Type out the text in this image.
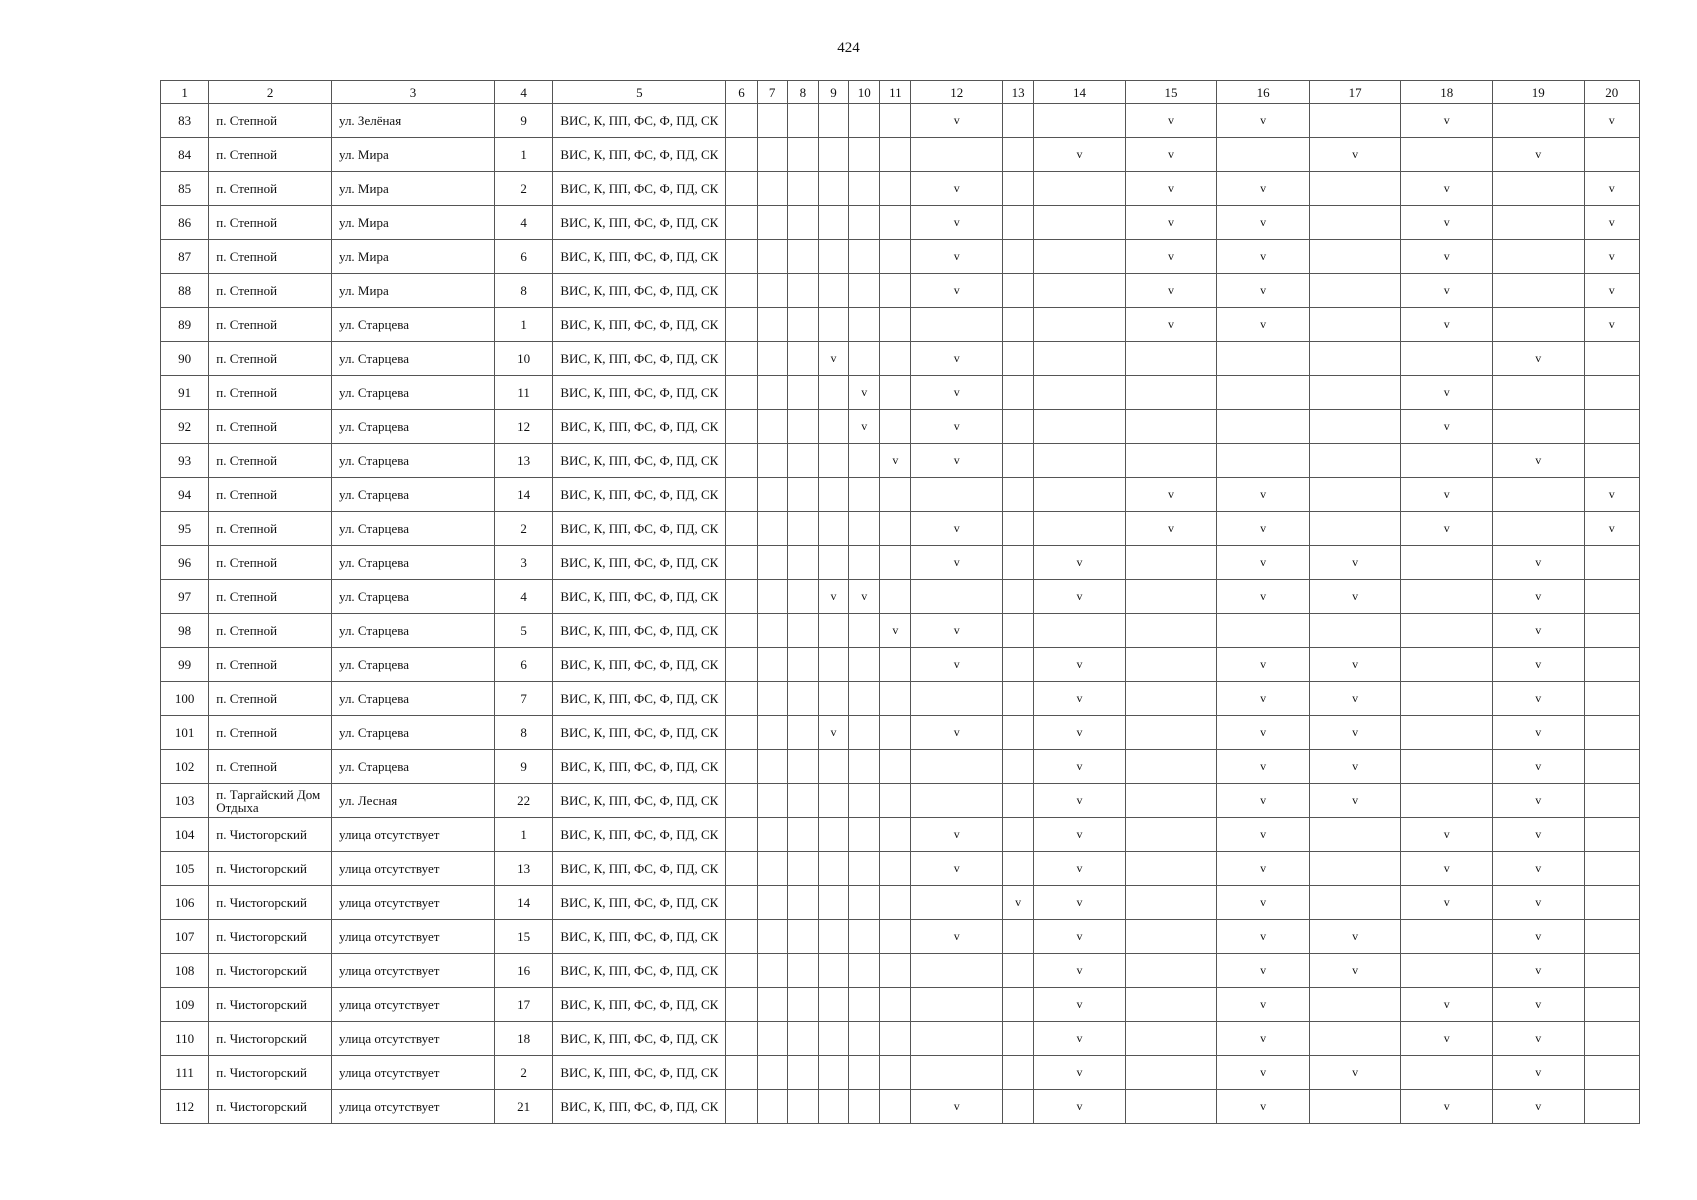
424
1	2	3	4	5	6	7	8	9	10	11	12	13	14	15	16	17	18	19	20
83	п. Степной	ул. Зелёная	9	ВИС, К, ПП, ФС, Ф, ПД, СК							v			v	v		v		v
84	п. Степной	ул. Мира	1	ВИС, К, ПП, ФС, Ф, ПД, СК									v	v		v		v	
85	п. Степной	ул. Мира	2	ВИС, К, ПП, ФС, Ф, ПД, СК							v			v	v		v		v
86	п. Степной	ул. Мира	4	ВИС, К, ПП, ФС, Ф, ПД, СК							v			v	v		v		v
87	п. Степной	ул. Мира	6	ВИС, К, ПП, ФС, Ф, ПД, СК							v			v	v		v		v
88	п. Степной	ул. Мира	8	ВИС, К, ПП, ФС, Ф, ПД, СК							v			v	v		v		v
89	п. Степной	ул. Старцева	1	ВИС, К, ПП, ФС, Ф, ПД, СК										v	v		v		v
90	п. Степной	ул. Старцева	10	ВИС, К, ПП, ФС, Ф, ПД, СК				v			v							v	
91	п. Степной	ул. Старцева	11	ВИС, К, ПП, ФС, Ф, ПД, СК					v		v						v		
92	п. Степной	ул. Старцева	12	ВИС, К, ПП, ФС, Ф, ПД, СК					v		v						v		
93	п. Степной	ул. Старцева	13	ВИС, К, ПП, ФС, Ф, ПД, СК						v	v							v	
94	п. Степной	ул. Старцева	14	ВИС, К, ПП, ФС, Ф, ПД, СК										v	v		v		v
95	п. Степной	ул. Старцева	2	ВИС, К, ПП, ФС, Ф, ПД, СК							v			v	v		v		v
96	п. Степной	ул. Старцева	3	ВИС, К, ПП, ФС, Ф, ПД, СК							v		v		v	v		v	
97	п. Степной	ул. Старцева	4	ВИС, К, ПП, ФС, Ф, ПД, СК				v	v				v		v	v		v	
98	п. Степной	ул. Старцева	5	ВИС, К, ПП, ФС, Ф, ПД, СК						v	v							v	
99	п. Степной	ул. Старцева	6	ВИС, К, ПП, ФС, Ф, ПД, СК							v		v		v	v		v	
100	п. Степной	ул. Старцева	7	ВИС, К, ПП, ФС, Ф, ПД, СК									v		v	v		v	
101	п. Степной	ул. Старцева	8	ВИС, К, ПП, ФС, Ф, ПД, СК				v			v		v		v	v		v	
102	п. Степной	ул. Старцева	9	ВИС, К, ПП, ФС, Ф, ПД, СК									v		v	v		v	
103	п. Таргайский Дом Отдыха	ул. Лесная	22	ВИС, К, ПП, ФС, Ф, ПД, СК									v		v	v		v	
104	п. Чистогорский	улица отсутствует	1	ВИС, К, ПП, ФС, Ф, ПД, СК							v		v		v		v	v	
105	п. Чистогорский	улица отсутствует	13	ВИС, К, ПП, ФС, Ф, ПД, СК							v		v		v		v	v	
106	п. Чистогорский	улица отсутствует	14	ВИС, К, ПП, ФС, Ф, ПД, СК								v	v		v		v	v	
107	п. Чистогорский	улица отсутствует	15	ВИС, К, ПП, ФС, Ф, ПД, СК							v		v		v	v		v	
108	п. Чистогорский	улица отсутствует	16	ВИС, К, ПП, ФС, Ф, ПД, СК									v		v	v		v	
109	п. Чистогорский	улица отсутствует	17	ВИС, К, ПП, ФС, Ф, ПД, СК									v		v		v	v	
110	п. Чистогорский	улица отсутствует	18	ВИС, К, ПП, ФС, Ф, ПД, СК									v		v		v	v	
111	п. Чистогорский	улица отсутствует	2	ВИС, К, ПП, ФС, Ф, ПД, СК									v		v	v		v	
112	п. Чистогорский	улица отсутствует	21	ВИС, К, ПП, ФС, Ф, ПД, СК							v		v		v		v	v	
